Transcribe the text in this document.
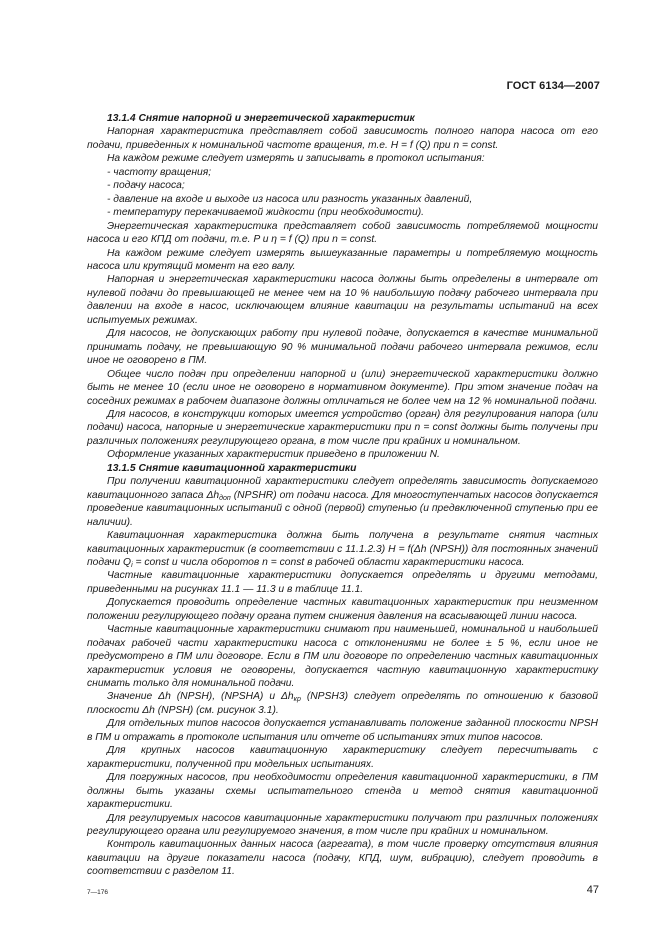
ГОСТ 6134—2007

13.1.4 Снятие напорной и энергетической характеристик

Напорная характеристика представляет собой зависимость полного напора насоса от его подачи, приведенных к номинальной частоте вращения, т.е. H = f (Q) при n = const.

На каждом режиме следует измерять и записывать в протокол испытания:

- частоту вращения;

- подачу насоса;

- давление на входе и выходе из насоса или разность указанных давлений,

- температуру перекачиваемой жидкости (при необходимости).

Энергетическая характеристика представляет собой зависимость потребляемой мощности насоса и его КПД от подачи, т.е. P и η = f (Q) при n = const.

На каждом режиме следует измерять вышеуказанные параметры и потребляемую мощность насоса или крутящий момент на его валу.

Напорная и энергетическая характеристики насоса должны быть определены в интервале от нулевой подачи до превышающей не менее чем на 10 % наибольшую подачу рабочего интервала при давлении на входе в насос, исключающем влияние кавитации на результаты испытаний на всех испытуемых режимах.

Для насосов, не допускающих работу при нулевой подаче, допускается в качестве минимальной принимать подачу, не превышающую 90 % минимальной подачи рабочего интервала режимов, если иное не оговорено в ПМ.

Общее число подач при определении напорной и (или) энергетической характеристики должно быть не менее 10 (если иное не оговорено в нормативном документе). При этом значение подач на соседних режимах в рабочем диапазоне должны отличаться не более чем на 12 % номинальной подачи.

Для насосов, в конструкции которых имеется устройство (орган) для регулирования напора (или подачи) насоса, напорные и энергетические характеристики при n = const должны быть получены при различных положениях регулирующего органа, в том числе при крайних и номинальном.

Оформление указанных характеристик приведено в приложении N.

13.1.5 Снятие кавитационной характеристики

При получении кавитационной характеристики следует определять зависимость допускаемого кавитационного запаса $\Delta h_{доп}$ (NPSHR) от подачи насоса. Для многоступенчатых насосов допускается проведение кавитационных испытаний с одной (первой) ступенью (и предвключенной ступенью при ее наличии).

Кавитационная характеристика должна быть получена в результате снятия частных кавитационных характеристик (в соответствии с 11.1.2.3) H = f(Δh (NPSH)) для постоянных значений подачи $Q_i$ = const и числа оборотов n = const в рабочей области характеристики насоса.

Частные кавитационные характеристики допускается определять и другими методами, приведенными на рисунках 11.1 — 11.3 и в таблице 11.1.

Допускается проводить определение частных кавитационных характеристик при неизменном положении регулирующего подачу органа путем снижения давления на всасывающей линии насоса.

Частные кавитационные характеристики снимают при наименьшей, номинальной и наибольшей подачах рабочей части характеристики насоса с отклонениями не более ± 5 %, если иное не предусмотрено в ПМ или договоре. Если в ПМ или договоре по определению частных кавитационных характеристик условия не оговорены, допускается частную кавитационную характеристику снимать только для номинальной подачи.

Значение Δh (NPSH), (NPSHA) и $\Delta h_{кр}$ (NPSH3) следует определять по отношению к базовой плоскости Δh (NPSH) (см. рисунок 3.1).

Для отдельных типов насосов допускается устанавливать положение заданной плоскости NPSH в ПМ и отражать в протоколе испытания или отчете об испытаниях этих типов насосов.

Для крупных насосов кавитационную характеристику следует пересчитывать с характеристики, полученной при модельных испытаниях.

Для погружных насосов, при необходимости определения кавитационной характеристики, в ПМ должны быть указаны схемы испытательного стенда и метод снятия кавитационной характеристики.

Для регулируемых насосов кавитационные характеристики получают при различных положениях регулирующего органа или регулируемого значения, в том числе при крайних и номинальном.

Контроль кавитационных данных насоса (агрегата), в том числе проверку отсутствия влияния кавитации на другие показатели насоса (подачу, КПД, шум, вибрацию), следует проводить в соответствии с разделом 11.

7—176	47
